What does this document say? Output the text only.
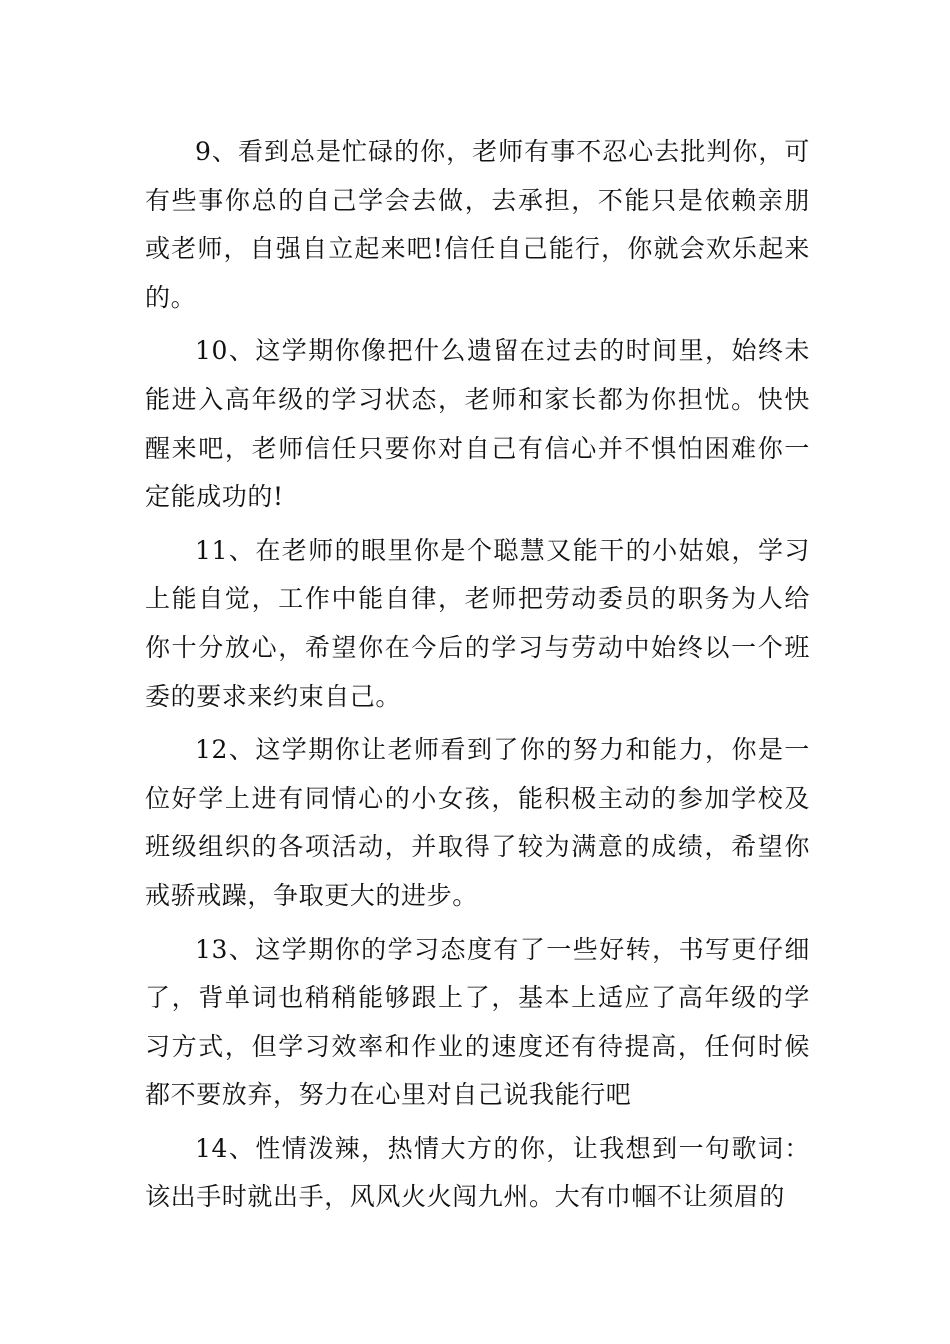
9、看到总是忙碌的你，老师有事不忍心去批判你，可有些事你总的自己学会去做，去承担，不能只是依赖亲朋或老师，自强自立起来吧!信任自己能行，你就会欢乐起来的。

10、这学期你像把什么遗留在过去的时间里，始终未能进入高年级的学习状态，老师和家长都为你担忧。快快醒来吧，老师信任只要你对自己有信心并不惧怕困难你一定能成功的!

11、在老师的眼里你是个聪慧又能干的小姑娘，学习上能自觉，工作中能自律，老师把劳动委员的职务为人给你十分放心，希望你在今后的学习与劳动中始终以一个班委的要求来约束自己。

12、这学期你让老师看到了你的努力和能力，你是一位好学上进有同情心的小女孩，能积极主动的参加学校及班级组织的各项活动，并取得了较为满意的成绩，希望你戒骄戒躁，争取更大的进步。

13、这学期你的学习态度有了一些好转，书写更仔细了，背单词也稍稍能够跟上了，基本上适应了高年级的学习方式，但学习效率和作业的速度还有待提高，任何时候都不要放弃，努力在心里对自己说我能行吧

14、性情泼辣，热情大方的你，让我想到一句歌词：该出手时就出手，风风火火闯九州。大有巾帼不让须眉的
